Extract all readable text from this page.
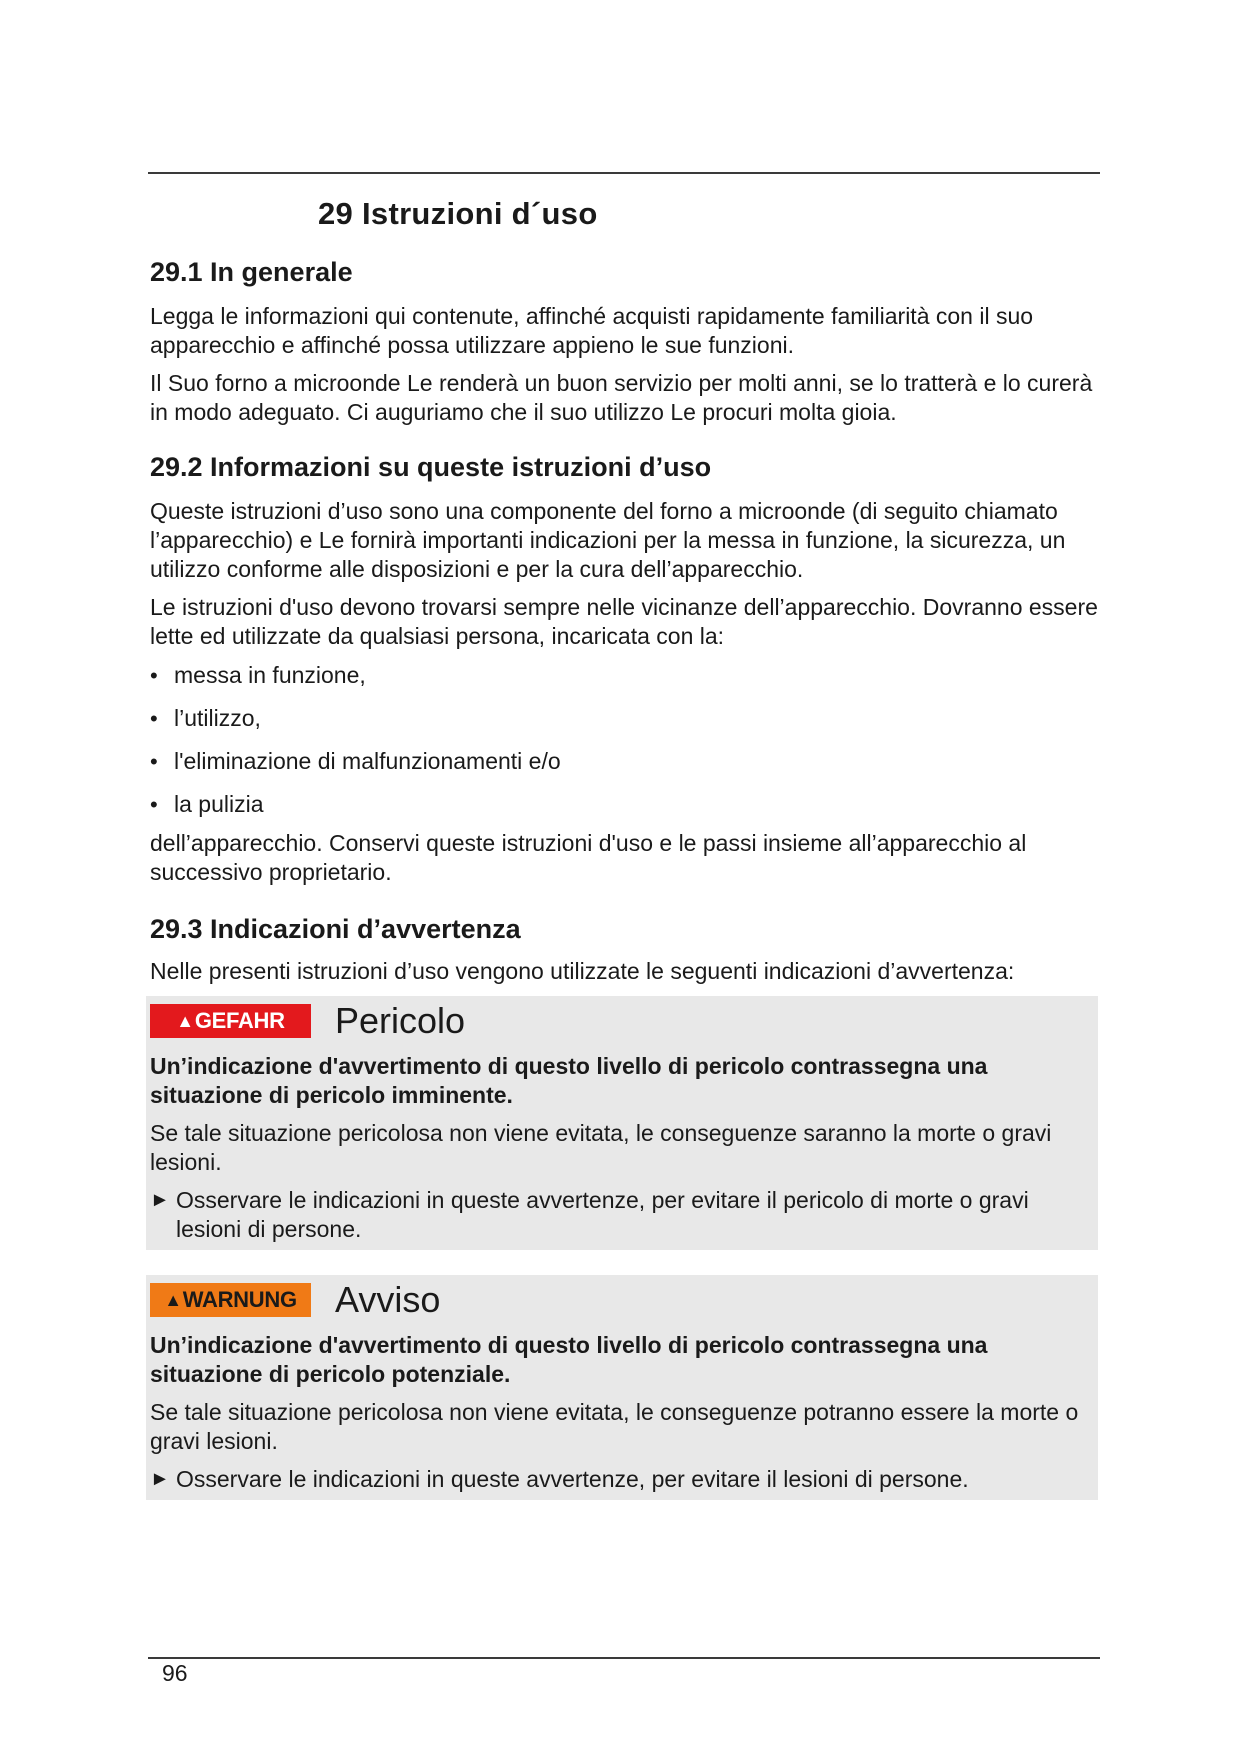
29 Istruzioni d´uso
29.1 In generale

Legga le informazioni qui contenute, affinché acquisti rapidamente familiarità con il suo apparecchio e affinché possa utilizzare appieno le sue funzioni.

Il Suo forno a microonde Le renderà un buon servizio per molti anni, se lo tratterà e lo curerà in modo adeguato. Ci auguriamo che il suo utilizzo Le procuri molta gioia.

29.2 Informazioni su queste istruzioni d’uso

Queste istruzioni d’uso sono una componente del forno a microonde (di seguito chiamato l’apparecchio) e Le fornirà importanti indicazioni per la messa in funzione, la sicurezza, un utilizzo conforme alle disposizioni e per la cura dell’apparecchio.

Le istruzioni d'uso devono trovarsi sempre nelle vicinanze dell’apparecchio. Dovranno essere lette ed utilizzate da qualsiasi persona, incaricata con la:

• messa in funzione,
• l’utilizzo,
• l'eliminazione di malfunzionamenti e/o
• la pulizia

dell’apparecchio. Conservi queste istruzioni d'uso e le passi insieme all’apparecchio al successivo proprietario.

29.3 Indicazioni d’avvertenza

Nelle presenti istruzioni d’uso vengono utilizzate le seguenti indicazioni d’avvertenza:

▲ GEFAHR Pericolo

Un’indicazione d'avvertimento di questo livello di pericolo contrassegna una situazione di pericolo imminente.

Se tale situazione pericolosa non viene evitata, le conseguenze saranno la morte o gravi lesioni.

► Osservare le indicazioni in queste avvertenze, per evitare il pericolo di morte o gravi lesioni di persone.

▲ WARNUNG Avviso

Un’indicazione d'avvertimento di questo livello di pericolo contrassegna una situazione di pericolo potenziale.

Se tale situazione pericolosa non viene evitata, le conseguenze potranno essere la morte o gravi lesioni.

► Osservare le indicazioni in queste avvertenze, per evitare il lesioni di persone.

96
